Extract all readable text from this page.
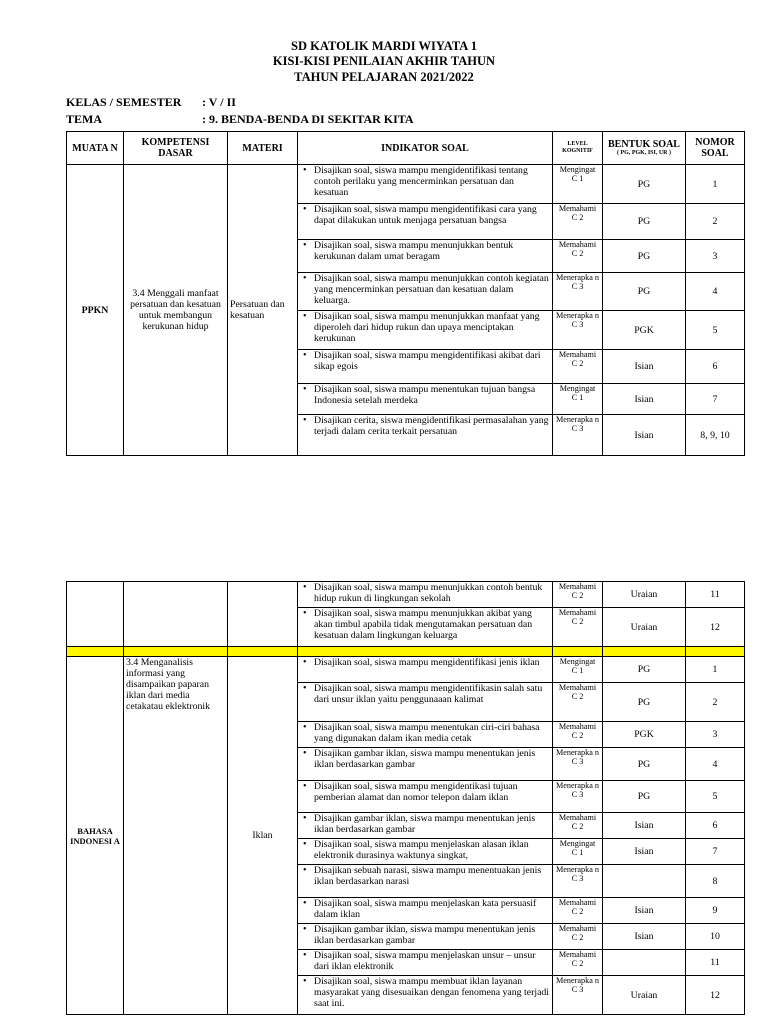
SD KATOLIK MARDI WIYATA 1
KISI-KISI PENILAIAN AKHIR TAHUN
TAHUN PELAJARAN 2021/2022
KELAS / SEMESTER : V / II
TEMA	: 9. BENDA-BENDA DI SEKITAR KITA
MUATA N	KOMPETENSI DASAR	MATERI	INDIKATOR SOAL	LEVEL KOGNITIF	BENTUK SOAL
( PG, PGK, ISI, UR )	NOMOR SOAL
PPKN	3.4 Menggali manfaat persatuan dan kesatuan untuk membangun kerukunan hidup	Persatuan dan kesatuan	• Disajikan soal, siswa mampu mengidentifikasi tentang contoh perilaku yang mencerminkan persatuan dan kesatuan	Mengingat
C 1	PG	1
			• Disajikan soal, siswa mampu mengidentifikasi cara yang dapat dilakukan untuk menjaga persatuan bangsa	Memahami
C 2	PG	2
			• Disajikan soal, siswa mampu menunjukkan bentuk kerukunan dalam umat beragam	Memahami
C 2	PG	3
			• Disajikan soal, siswa mampu menunjukkan contoh kegiatan yang mencerminkan persatuan dan kesatuan dalam keluarga.	Menerapka n
C 3	PG	4
			• Disajikan soal, siswa mampu menunjukkan manfaat yang diperoleh dari hidup rukun dan upaya menciptakan kerukunan	Menerapka n
C 3	PGK	5
			• Disajikan soal, siswa mampu mengidentifikasi akibat dari sikap egois	Memahami
C 2	Isian	6
			• Disajikan soal, siswa mampu menentukan tujuan bangsa Indonesia setelah merdeka	Mengingat
C 1	Isian	7
			• Disajikan cerita, siswa mengidentifikasi permasalahan yang terjadi dalam cerita terkait persatuan	Menerapka n
C 3	Isian	8, 9, 10
			• Disajikan soal, siswa mampu menunjukkan contoh bentuk hidup rukun di lingkungan sekolah	Memahami
C 2	Uraian	11
			• Disajikan soal, siswa mampu menunjukkan akibat yang akan timbul apabila tidak mengutamakan persatuan dan kesatuan dalam lingkungan keluarga	Memahami
C 2	Uraian	12

BAHASA INDONESI A	3.4 Menganalisis informasi yang disampaikan paparan iklan dari media cetakatau eklektronik	Iklan	• Disajikan soal, siswa mampu mengidentifikasi jenis iklan	Mengingat
C 1	PG	1
			• Disajikan soal, siswa mampu mengidentifikasin salah satu dari unsur iklan yaitu penggunaaan kalimat	Memahami
C 2	PG	2
			• Disajikan soal, siswa mampu menentukan ciri-ciri bahasa yang digunakan dalam ikan media cetak	Memahami
C 2	PGK	3
			• Disajikan gambar iklan, siswa mampu menentukan jenis iklan berdasarkan gambar	Menerapka n
C 3	PG	4
			• Disajikan soal, siswa mampu mengidentikasi tujuan pemberian alamat dan nomor telepon dalam iklan	Menerapka n
C 3	PG	5
			• Disajikan gambar iklan, siswa mampu menentukan jenis iklan berdasarkan gambar	Memahami
C 2	Isian	6
			• Disajikan soal, siswa mampu menjelaskan alasan iklan elektronik durasinya waktunya singkat,	Mengingat
C 1	Isian	7
			• Disajikan sebuah narasi, siswa mampu menentuakan jenis iklan berdasarkan narasi	Menerapka n
C 3		8
			• Disajikan soal, siswa mampu menjelaskan kata persuasif dalam iklan	Memahami
C 2	Isian	9
			• Disajikan gambar iklan, siswa mampu menentukan jenis iklan berdasarkan gambar	Memahami
C 2	Isian	10
			• Disajikan soal, siswa mampu menjelaskan unsur – unsur dari iklan elektronik	Memahami
C 2		11
			• Disajikan soal, siswa mampu membuat iklan layanan masyarakat yang disesuaikan dengan fenomena yang terjadi saat ini.	Menerapka n
C 3	Uraian	12
